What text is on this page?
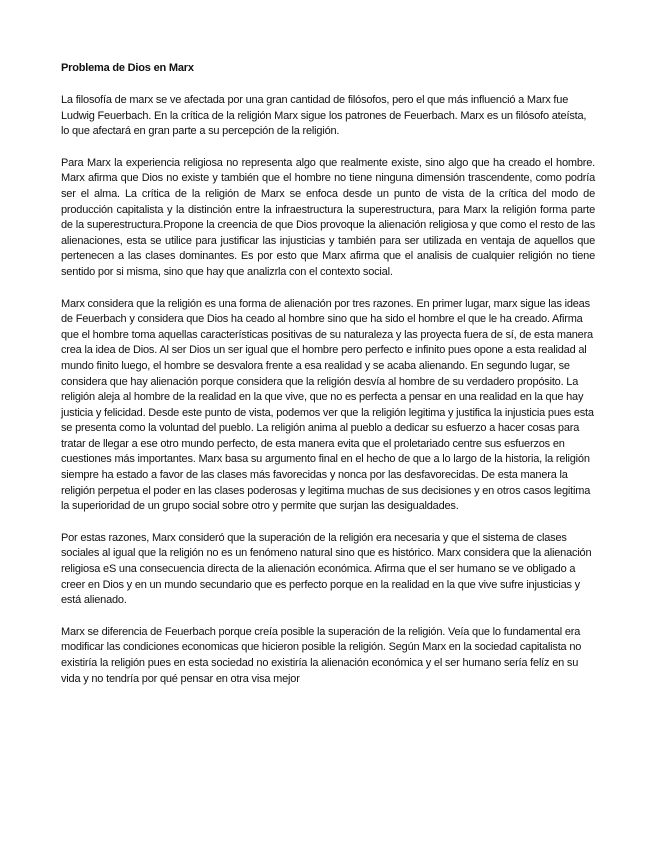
Problema de Dios en Marx

La filosofía de marx se ve afectada por una gran cantidad de filósofos, pero el que más influenció a Marx fue Ludwig Feuerbach. En la crítica de la religión Marx sigue los patrones de Feuerbach. Marx es un filósofo ateísta, lo que afectará en gran parte a su percepción de la religión.

Para Marx la experiencia religiosa no representa algo que realmente existe, sino algo que ha creado el hombre. Marx afirma que Dios no existe y también que el hombre no tiene ninguna dimensión trascendente, como podría ser el alma. La crítica de la religión de Marx se enfoca desde un punto de vista de la crítica del modo de producción capitalista y la distinción entre la infraestructura la superestructura, para Marx la religión forma parte de la superestructura.Propone la creencia de que Dios provoque la alienación religiosa y que como el resto de las alienaciones, esta se utilice para justificar las injusticias y también para ser utilizada en ventaja de aquellos que pertenecen a las clases dominantes. Es por esto que Marx afirma que el analisis de cualquier religión no tiene sentido por si misma, sino que hay que analizrla con el contexto social.

Marx considera que la religión es una forma de alienación por tres razones. En primer lugar, marx sigue las ideas de Feuerbach y considera que Dios ha ceado al hombre sino que ha sido el hombre el que le ha creado. Afirma que el hombre toma aquellas características positivas de su naturaleza y las proyecta fuera de sí, de esta manera crea la idea de Dios. Al ser Dios un ser igual que el hombre pero perfecto e infinito pues opone a esta realidad al mundo finito luego, el hombre se desvalora frente a esa realidad y se acaba alienando. En segundo lugar, se considera que hay alienación porque considera que la religión desvía al hombre de su verdadero propósito. La religión aleja al hombre de la realidad en la que vive, que no es perfecta a pensar en una realidad en la que hay justicia y felicidad. Desde este punto de vista, podemos ver que la religión legitima y justifica la injusticia pues esta se presenta como la voluntad del pueblo. La religión anima al pueblo a dedicar su esfuerzo a hacer cosas para tratar de llegar a ese otro mundo perfecto, de esta manera evita que el proletariado centre sus esfuerzos en cuestiones más importantes. Marx basa su argumento final en el hecho de que a lo largo de la historia, la religión siempre ha estado a favor de las clases más favorecidas y nonca por las desfavorecidas. De esta manera la religión perpetua el poder en las clases poderosas y legitima muchas de sus decisiones y en otros casos legitima la superioridad de un grupo social sobre otro y permite que surjan las desigualdades.

Por estas razones, Marx consideró que la superación de la religión era necesaria y que el sistema de clases sociales al igual que la religión no es un fenómeno natural sino que es histórico. Marx considera que la alienación religiosa eS una consecuencia directa de la alienación económica. Afirma que el ser humano se ve obligado a creer en Dios y en un mundo secundario que es perfecto porque en la realidad en la que vive sufre injusticias y está alienado.

Marx se diferencia de Feuerbach porque creía posible la superación de la religión. Veía que lo fundamental era modificar las condiciones economicas que hicieron posible la religión. Según Marx en la sociedad capitalista no existiría la religión pues en esta sociedad no existiría la alienación económica y el ser humano sería felíz en su vida y no tendría por qué pensar en otra visa mejor
